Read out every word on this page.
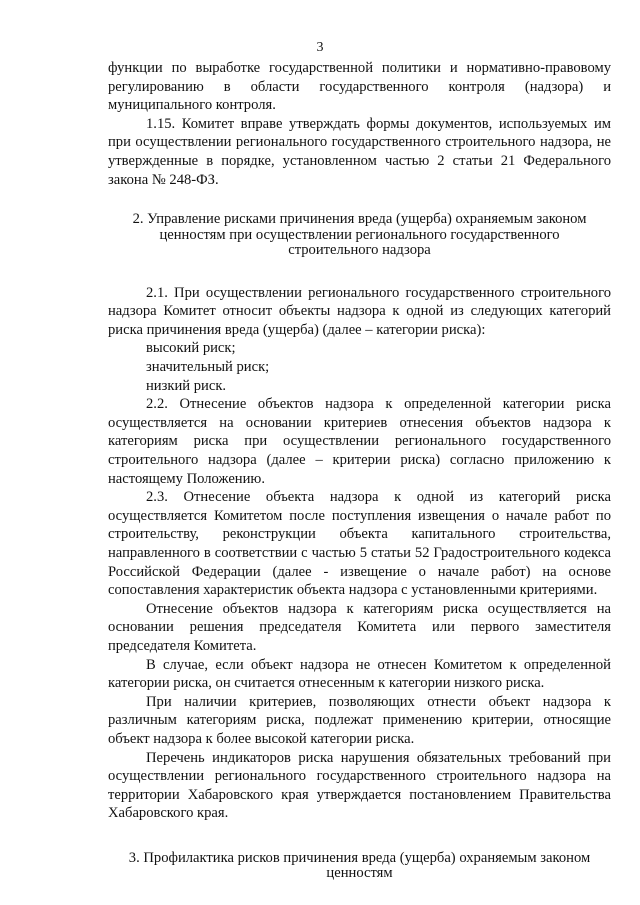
3

функции по выработке государственной политики и нормативно-правовому регулированию в области государственного контроля (надзора) и муниципального контроля.

1.15. Комитет вправе утверждать формы документов, используемых им при осуществлении регионального государственного строительного надзора, не утвержденные в порядке, установленном частью 2 статьи 21 Федерального закона № 248-ФЗ.

2. Управление рисками причинения вреда (ущерба) охраняемым законом ценностям при осуществлении регионального государственного строительного надзора

2.1. При осуществлении регионального государственного строительного надзора Комитет относит объекты надзора к одной из следующих категорий риска причинения вреда (ущерба) (далее – категории риска):

высокий риск;

значительный риск;

низкий риск.

2.2. Отнесение объектов надзора к определенной категории риска осуществляется на основании критериев отнесения объектов надзора к категориям риска при осуществлении регионального государственного строительного надзора (далее – критерии риска) согласно приложению к настоящему Положению.

2.3. Отнесение объекта надзора к одной из категорий риска осуществляется Комитетом после поступления извещения о начале работ по строительству, реконструкции объекта капитального строительства, направленного в соответствии с частью 5 статьи 52 Градостроительного кодекса Российской Федерации (далее - извещение о начале работ) на основе сопоставления характеристик объекта надзора с установленными критериями.

Отнесение объектов надзора к категориям риска осуществляется на основании решения председателя Комитета или первого заместителя председателя Комитета.

В случае, если объект надзора не отнесен Комитетом к определенной категории риска, он считается отнесенным к категории низкого риска.

При наличии критериев, позволяющих отнести объект надзора к различным категориям риска, подлежат применению критерии, относящие объект надзора к более высокой категории риска.

Перечень индикаторов риска нарушения обязательных требований при осуществлении регионального государственного строительного надзора на территории Хабаровского края утверждается постановлением Правительства Хабаровского края.

3. Профилактика рисков причинения вреда (ущерба) охраняемым законом ценностям
